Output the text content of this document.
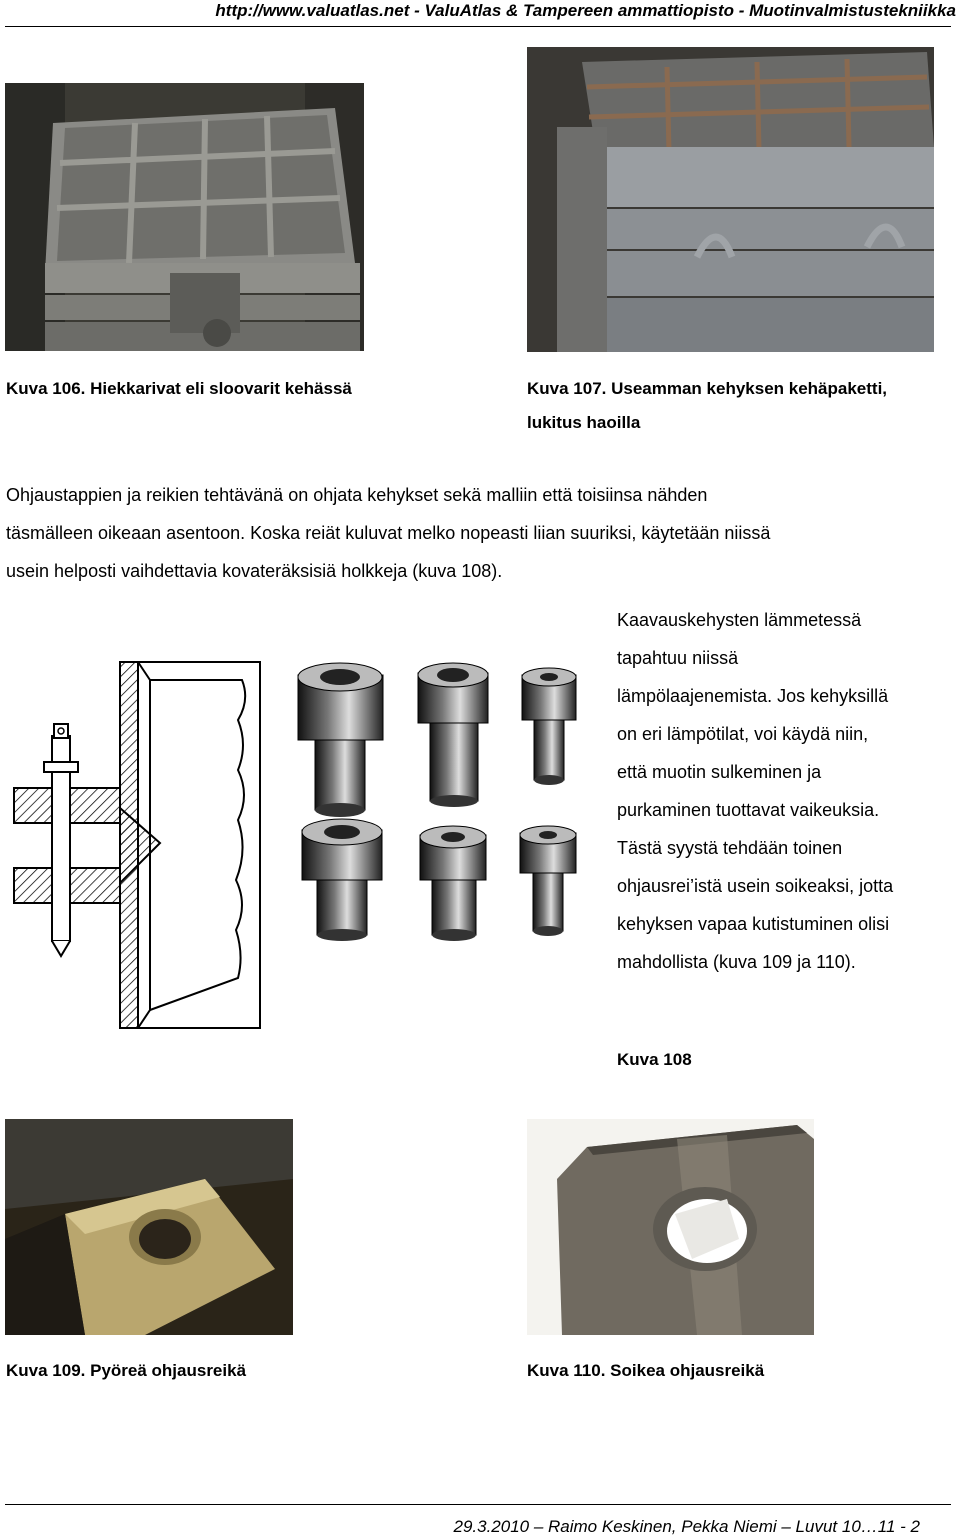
http://www.valuatlas.net - ValuAtlas & Tampereen ammattiopisto - Muotinvalmistustekniikka
Kuva 106. Hiekkarivat eli sloovarit kehässä	Kuva 107. Useamman kehyksen kehäpaketti,
lukitus haoilla
Ohjaustappien ja reikien tehtävänä on ohjata kehykset sekä malliin että toisiinsa nähden
täsmälleen oikeaan asentoon. Koska reiät kuluvat melko nopeasti liian suuriksi, käytetään niissä
usein helposti vaihdettavia kovateräksisiä holkkeja (kuva 108).
Kaavauskehysten lämmetessä
tapahtuu niissä
lämpölaajenemista. Jos kehyksillä
on eri lämpötilat, voi käydä niin,
että muotin sulkeminen ja
purkaminen tuottavat vaikeuksia.
Tästä syystä tehdään toinen
ohjausrei’istä usein soikeaksi, jotta
kehyksen vapaa kutistuminen olisi
mahdollista (kuva 109 ja 110).
Kuva 108
Kuva 109. Pyöreä ohjausreikä	Kuva 110. Soikea ohjausreikä
29.3.2010 – Raimo Keskinen, Pekka Niemi – Luvut 10…11 - 2
